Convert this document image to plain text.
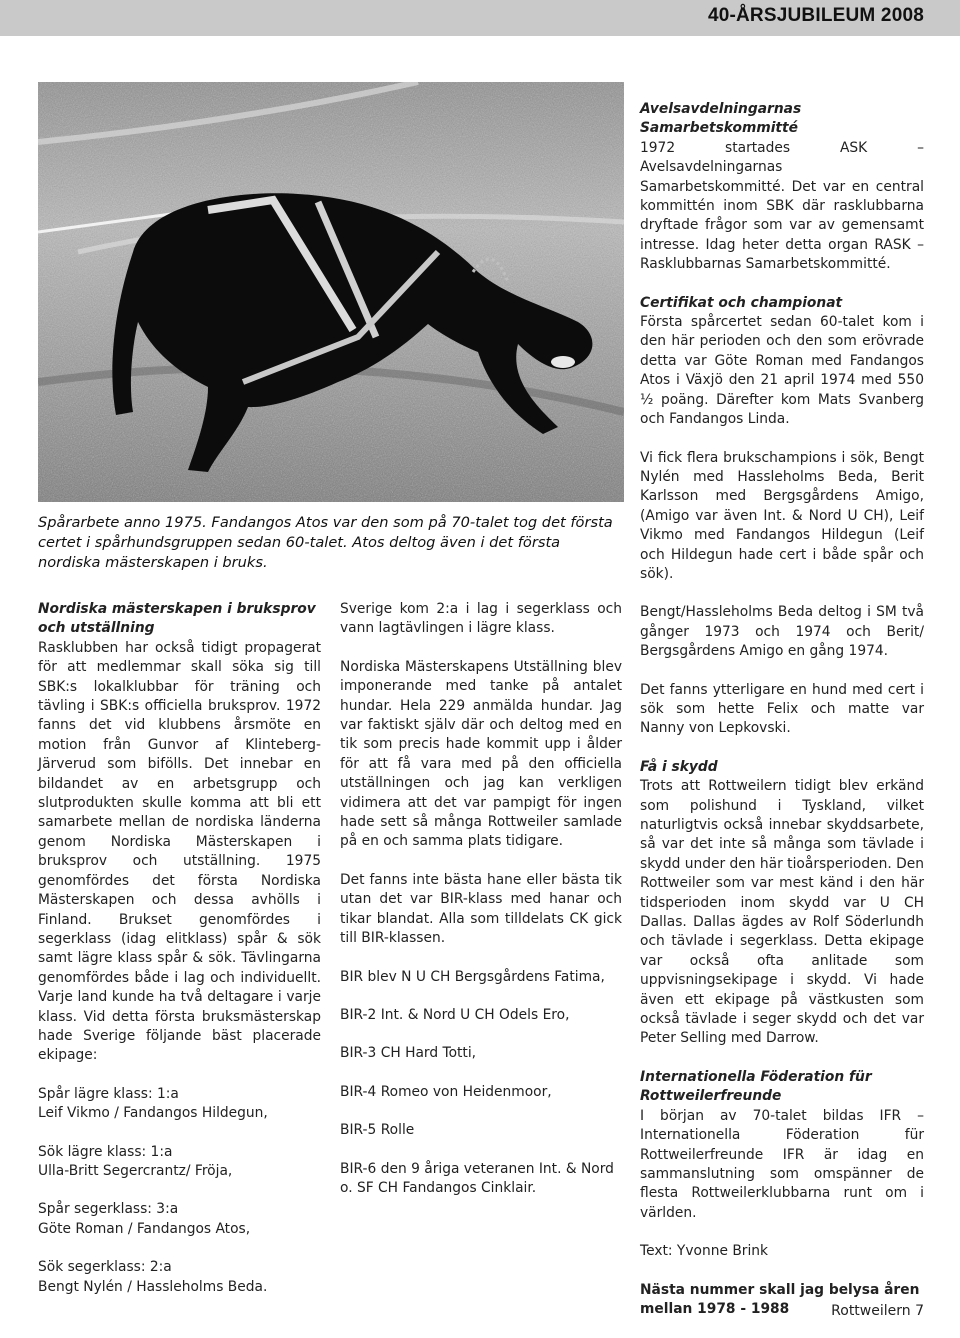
40-ÅRSJUBILEUM 2008
Spårarbete anno 1975. Fandangos Atos var den som på 70-talet tog det första certet i spårhundsgruppen sedan 60-talet. Atos deltog även i det första nordiska mästerskapen i bruks.
Nordiska mästerskapen i bruksprov och utställning

Rasklubben har också tidigt propagerat för att medlemmar skall söka sig till SBK:s lokalklubbar för träning och tävling i SBK:s officiella bruksprov. 1972 fanns det vid klubbens årsmöte en motion från Gunvor af Klinteberg-Järverud som bifölls. Det innebar en bildandet av en arbetsgrupp och slutprodukten skulle komma att bli ett samarbete mellan de nordiska länderna genom Nordiska Mästerskapen i bruksprov och utställning. 1975 genomfördes det första Nordiska Mästerskapen och dessa avhölls i Finland. Brukset genomfördes i segerklass (idag elitklass) spår & sök samt lägre klass spår & sök. Tävlingarna genomfördes både i lag och individuellt. Varje land kunde ha två deltagare i varje klass. Vid detta första bruksmästerskap hade Sverige följande bäst placerade ekipage:

Spår lägre klass: 1:a
Leif Vikmo / Fandangos Hildegun,
Sök lägre klass: 1:a
Ulla-Britt Segercrantz/ Fröja,
Spår segerklass: 3:a
Göte Roman / Fandangos Atos,
Sök segerklass: 2:a
Bengt Nylén / Hassleholms Beda.

Sverige kom 2:a i lag i segerklass och vann lagtävlingen i lägre klass.

Nordiska Mästerskapens Utställning blev imponerande med tanke på antalet hundar. Hela 229 anmälda hundar. Jag var faktiskt själv där och deltog med en tik som precis hade kommit upp i ålder för att få vara med på den officiella utställningen och jag kan verkligen vidimera att det var pampigt för ingen hade sett så många Rottweiler samlade på en och samma plats tidigare.

Det fanns inte bästa hane eller bästa tik utan det var BIR-klass med hanar och tikar blandat. Alla som tilldelats CK gick till BIR-klassen.

BIR blev N U CH Bergsgårdens Fatima,

BIR-2 Int. & Nord U CH Odels Ero,

BIR-3 CH Hard Totti,

BIR-4 Romeo von Heidenmoor,

BIR-5 Rolle

BIR-6 den 9 åriga veteranen Int. & Nord o. SF CH Fandangos Cinklair.

Avelsavdelningarnas Samarbetskommitté

1972 startades ASK – Avelsavdelningarnas Samarbetskommitté. Det var en central kommittén inom SBK där rasklubbarna dryftade frågor som var av gemensamt intresse. Idag heter detta organ RASK – Rasklubbarnas Samarbetskommitté.

Certifikat och championat

Första spårcertet sedan 60-talet kom i den här perioden och den som erövrade detta var Göte Roman med Fandangos Atos i Växjö den 21 april 1974 med 550 ½ poäng. Därefter kom Mats Svanberg och Fandangos Linda.

Vi fick flera brukschampions i sök, Bengt Nylén med Hassleholms Beda, Berit Karlsson med Bergsgårdens Amigo, (Amigo var även Int. & Nord U CH), Leif Vikmo med Fandangos Hildegun (Leif och Hildegun hade cert i både spår och sök).

Bengt/Hassleholms Beda deltog i SM två gånger 1973 och 1974 och Berit/ Bergsgårdens Amigo en gång 1974.

Det fanns ytterligare en hund med cert i sök som hette Felix och matte var Nanny von Lepkovski.

Få i skydd

Trots att Rottweilern tidigt blev erkänd som polishund i Tyskland, vilket naturligtvis också innebar skyddsarbete, så var det inte så många som tävlade i skydd under den här tioårsperioden. Den Rottweiler som var mest känd i den här tidsperioden inom skydd var U CH Dallas. Dallas ägdes av Rolf Söderlundh och tävlade i segerklass. Detta ekipage var också ofta anlitade som uppvisningsekipage i skydd. Vi hade även ett ekipage på västkusten som också tävlade i seger skydd och det var Peter Selling med Darrow.

Internationella Föderation für Rottweilerfreunde

I början av 70-talet bildas IFR – Internationella Föderation für Rottweilerfreunde IFR är idag en sammanslutning som omspänner de flesta Rottweilerklubbarna runt om i världen.

Text: Yvonne Brink

Nästa nummer skall jag belysa åren mellan 1978 - 1988	Rottweilern 7
